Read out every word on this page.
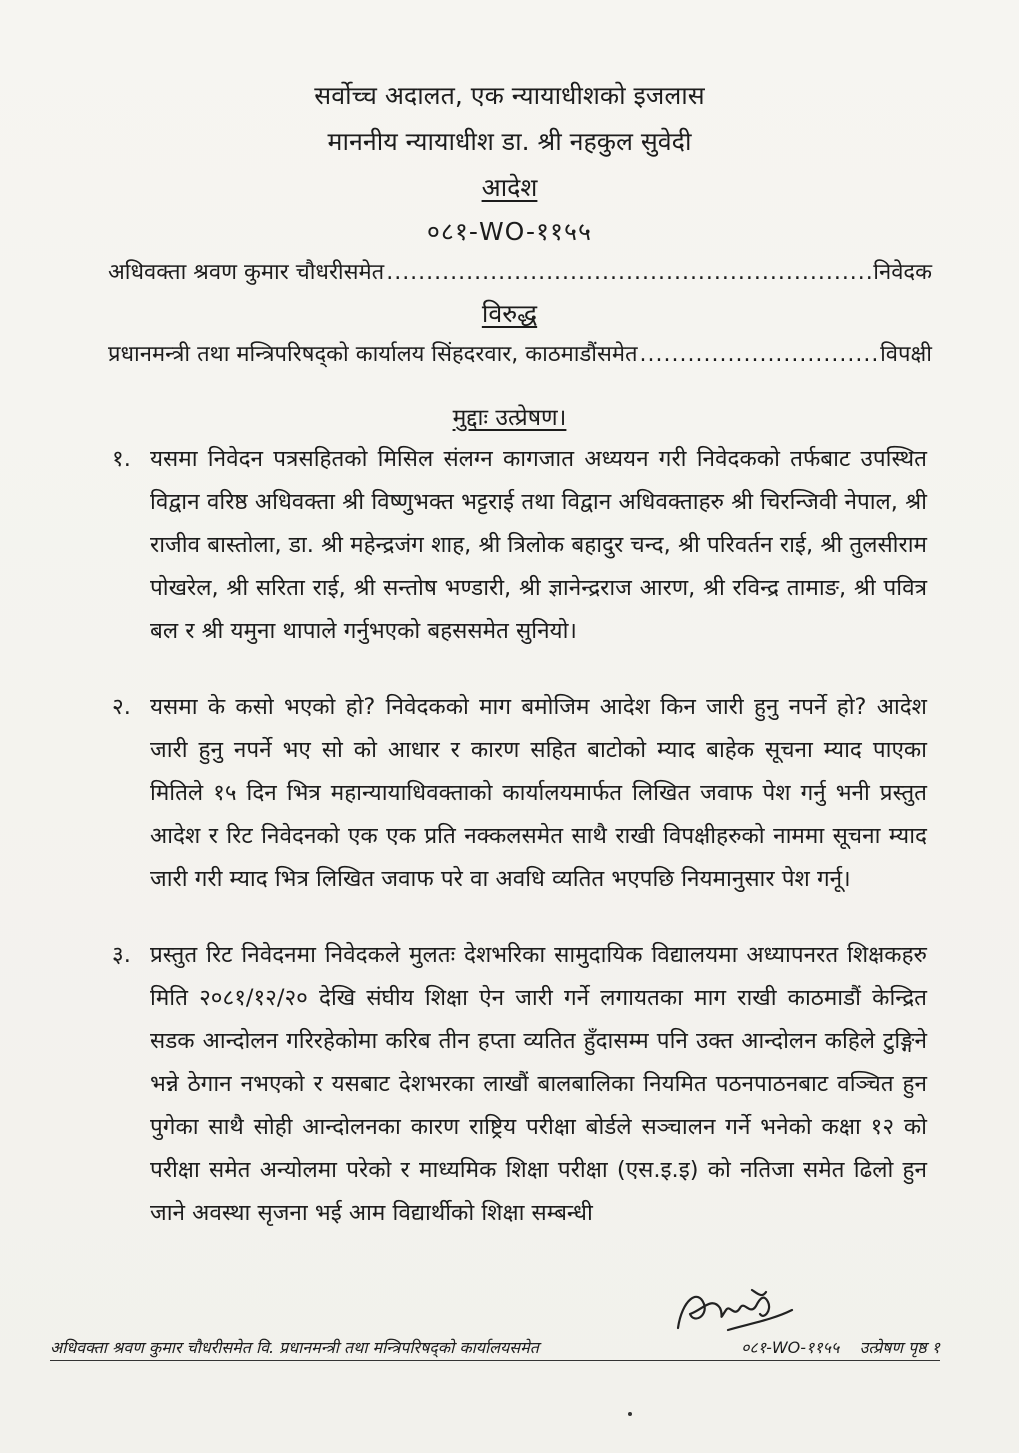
सर्वोच्च अदालत, एक न्यायाधीशको इजलास
माननीय न्यायाधीश डा. श्री नहकुल सुवेदी
आदेश
०८१-WO-११५५
अधिवक्ता श्रवण कुमार चौधरीसमेत .....	निवेदक
विरुद्ध
प्रधानमन्त्री तथा मन्त्रिपरिषद्को कार्यालय सिंहदरवार, काठमाडौंसमेत .....	विपक्षी
मुद्दाः उत्प्रेषण।
१. यसमा निवेदन पत्रसहितको मिसिल संलग्न कागजात अध्ययन गरी निवेदकको तर्फबाट उपस्थित विद्वान वरिष्ठ अधिवक्ता श्री विष्णुभक्त भट्टराई तथा विद्वान अधिवक्ताहरु श्री चिरन्जिवी नेपाल, श्री राजीव बास्तोला, डा. श्री महेन्द्रजंग शाह, श्री त्रिलोक बहादुर चन्द, श्री परिवर्तन राई, श्री तुलसीराम पोखरेल, श्री सरिता राई, श्री सन्तोष भण्डारी, श्री ज्ञानेन्द्रराज आरण, श्री रविन्द्र तामाङ, श्री पवित्र बल र श्री यमुना थापाले गर्नुभएको बहससमेत सुनियो।
२. यसमा के कसो भएको हो? निवेदकको माग बमोजिम आदेश किन जारी हुनु नपर्ने हो? आदेश जारी हुनु नपर्ने भए सो को आधार र कारण सहित बाटोको म्याद बाहेक सूचना म्याद पाएका मितिले १५ दिन भित्र महान्यायाधिवक्ताको कार्यालयमार्फत लिखित जवाफ पेश गर्नु भनी प्रस्तुत आदेश र रिट निवेदनको एक एक प्रति नक्कलसमेत साथै राखी विपक्षीहरुको नाममा सूचना म्याद जारी गरी म्याद भित्र लिखित जवाफ परे वा अवधि व्यतित भएपछि नियमानुसार पेश गर्नू।
३. प्रस्तुत रिट निवेदनमा निवेदकले मुलतः देशभरिका सामुदायिक विद्यालयमा अध्यापनरत शिक्षकहरु मिति २०८१/१२/२० देखि संघीय शिक्षा ऐन जारी गर्ने लगायतका माग राखी काठमाडौं केन्द्रित सडक आन्दोलन गरिरहेकोमा करिब तीन हप्ता व्यतित हुँदासम्म पनि उक्त आन्दोलन कहिले टुङ्गिने भन्ने ठेगान नभएको र यसबाट देशभरका लाखौं बालबालिका नियमित पठनपाठनबाट वञ्चित हुन पुगेका साथै सोही आन्दोलनका कारण राष्ट्रिय परीक्षा बोर्डले सञ्चालन गर्ने भनेको कक्षा १२ को परीक्षा समेत अन्योलमा परेको र माध्यमिक शिक्षा परीक्षा (एस.इ.इ) को नतिजा समेत ढिलो हुन जाने अवस्था सृजना भई आम विद्यार्थीको शिक्षा सम्बन्धी
अधिवक्ता श्रवण कुमार चौधरीसमेत वि. प्रधानमन्त्री तथा मन्त्रिपरिषद्को कार्यालयसमेत	०८१-WO-११५५ उत्प्रेषण पृष्ठ १
